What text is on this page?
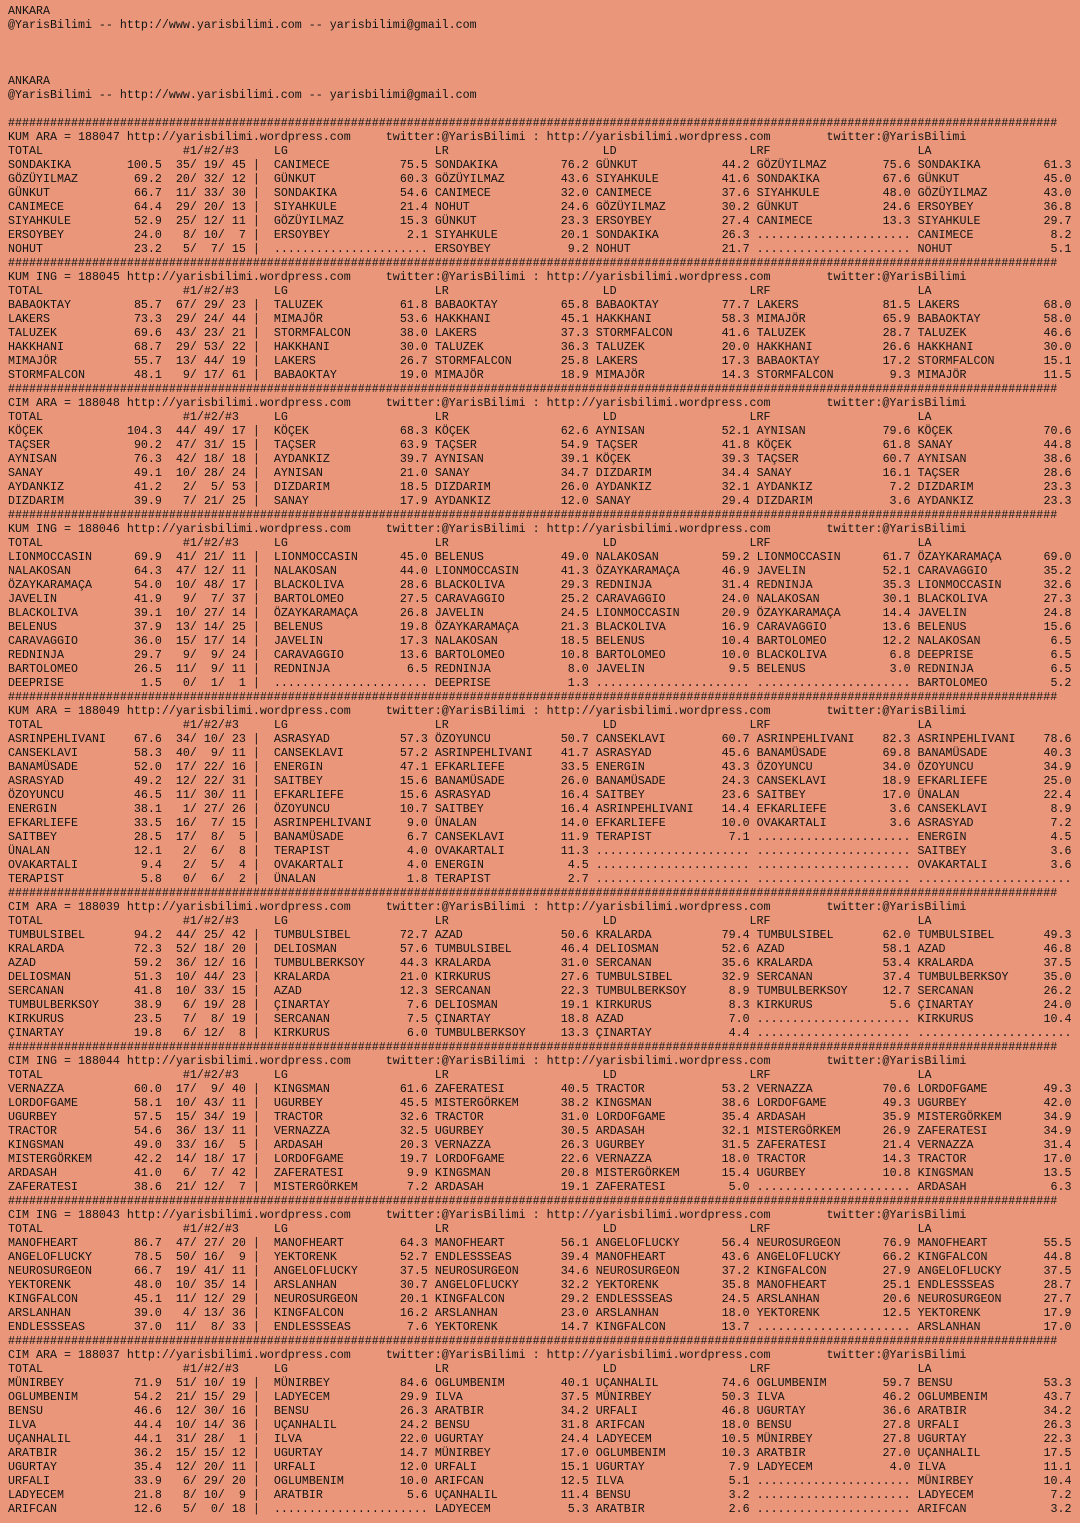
ANKARA
@YarisBilimi -- http://www.yarisbilimi.com -- yarisbilimi@gmail.com
ANKARA
@YarisBilimi -- http://www.yarisbilimi.com -- yarisbilimi@gmail.com
######################################################################################################################################################
KUM ARA = 188047 http://yarisbilimi.wordpress.com	twitter:@YarisBilimi : http://yarisbilimi.wordpress.com	twitter:@YarisBilimi
TOTAL	#1/#2/#3	LG	LR	LD	LRF	LA
SONDAKIKA	100.5 35/ 19/ 45 | CANIMECE	75.5 SONDAKIKA	76.2 GÜNKUT	44.2 GÖZÜYILMAZ	75.6 SONDAKIKA	61.3
GÖZÜYILMAZ	69.2 20/ 32/ 12 | GÜNKUT	60.3 GÖZÜYILMAZ	43.6 SIYAHKULE	41.6 SONDAKIKA	67.6 GÜNKUT	45.0
GÜNKUT	66.7 11/ 33/ 30 | SONDAKIKA	54.6 CANIMECE	32.0 CANIMECE	37.6 SIYAHKULE	48.0 GÖZÜYILMAZ	43.0
CANIMECE	64.4 29/ 20/ 13 | SIYAHKULE	21.4 NOHUT	24.6 GÖZÜYILMAZ	30.2 GÜNKUT	24.6 ERSOYBEY	36.8
SIYAHKULE	52.9 25/ 12/ 11 | GÖZÜYILMAZ	15.3 GÜNKUT	23.3 ERSOYBEY	27.4 CANIMECE	13.3 SIYAHKULE	29.7
ERSOYBEY	24.0 8/ 10/ 7 | ERSOYBEY	2.1 SIYAHKULE	20.1 SONDAKIKA	26.3 ...................... CANIMECE	8.2
NOHUT	23.2 5/ 7/ 15 | ...................... ERSOYBEY	9.2 NOHUT	21.7 ...................... NOHUT	5.1
######################################################################################################################################################
KUM ING = 188045 http://yarisbilimi.wordpress.com	twitter:@YarisBilimi : http://yarisbilimi.wordpress.com	twitter:@YarisBilimi
TOTAL	#1/#2/#3	LG	LR	LD	LRF	LA
BABAOKTAY	85.7 67/ 29/ 23 | TALUZEK	61.8 BABAOKTAY	65.8 BABAOKTAY	77.7 LAKERS	81.5 LAKERS	68.0
LAKERS	73.3 29/ 24/ 44 | MIMAJÖR	53.6 HAKKHANI	45.1 HAKKHANI	58.3 MIMAJÖR	65.9 BABAOKTAY	58.0
TALUZEK	69.6 43/ 23/ 21 | STORMFALCON	38.0 LAKERS	37.3 STORMFALCON	41.6 TALUZEK	28.7 TALUZEK	46.6
HAKKHANI	68.7 29/ 53/ 22 | HAKKHANI	30.0 TALUZEK	36.3 TALUZEK	20.0 HAKKHANI	26.6 HAKKHANI	30.0
MIMAJÖR	55.7 13/ 44/ 19 | LAKERS	26.7 STORMFALCON	25.8 LAKERS	17.3 BABAOKTAY	17.2 STORMFALCON	15.1
STORMFALCON	48.1 9/ 17/ 61 | BABAOKTAY	19.0 MIMAJÖR	18.9 MIMAJÖR	14.3 STORMFALCON	9.3 MIMAJÖR	11.5
######################################################################################################################################################
CIM ARA = 188048 http://yarisbilimi.wordpress.com	twitter:@YarisBilimi : http://yarisbilimi.wordpress.com	twitter:@YarisBilimi
TOTAL	#1/#2/#3	LG	LR	LD	LRF	LA
KÖÇEK	104.3 44/ 49/ 17 | KÖÇEK	68.3 KÖÇEK	62.6 AYNISAN	52.1 AYNISAN	79.6 KÖÇEK	70.6
TAÇSER	90.2 47/ 31/ 15 | TAÇSER	63.9 TAÇSER	54.9 TAÇSER	41.8 KÖÇEK	61.8 SANAY	44.8
AYNISAN	76.3 42/ 18/ 18 | AYDANKIZ	39.7 AYNISAN	39.1 KÖÇEK	39.3 TAÇSER	60.7 AYNISAN	38.6
SANAY	49.1 10/ 28/ 24 | AYNISAN	21.0 SANAY	34.7 DIZDARIM	34.4 SANAY	16.1 TAÇSER	28.6
AYDANKIZ	41.2 2/ 5/ 53 | DIZDARIM	18.5 DIZDARIM	26.0 AYDANKIZ	32.1 AYDANKIZ	7.2 DIZDARIM	23.3
DIZDARIM	39.9 7/ 21/ 25 | SANAY	17.9 AYDANKIZ	12.0 SANAY	29.4 DIZDARIM	3.6 AYDANKIZ	23.3
######################################################################################################################################################
KUM ING = 188046 http://yarisbilimi.wordpress.com	twitter:@YarisBilimi : http://yarisbilimi.wordpress.com	twitter:@YarisBilimi
TOTAL	#1/#2/#3	LG	LR	LD	LRF	LA
LIONMOCCASIN	69.9 41/ 21/ 11 | LIONMOCCASIN	45.0 BELENUS	49.0 NALAKOSAN	59.2 LIONMOCCASIN	61.7 ÖZAYKARAMAÇA	69.0
NALAKOSAN	64.3 47/ 12/ 11 | NALAKOSAN	44.0 LIONMOCCASIN	41.3 ÖZAYKARAMAÇA	46.9 JAVELIN	52.1 CARAVAGGIO	35.2
ÖZAYKARAMAÇA	54.0 10/ 48/ 17 | BLACKOLIVA	28.6 BLACKOLIVA	29.3 REDNINJA	31.4 REDNINJA	35.3 LIONMOCCASIN	32.6
JAVELIN	41.9 9/ 7/ 37 | BARTOLOMEO	27.5 CARAVAGGIO	25.2 CARAVAGGIO	24.0 NALAKOSAN	30.1 BLACKOLIVA	27.3
BLACKOLIVA	39.1 10/ 27/ 14 | ÖZAYKARAMAÇA	26.8 JAVELIN	24.5 LIONMOCCASIN	20.9 ÖZAYKARAMAÇA	14.4 JAVELIN	24.8
BELENUS	37.9 13/ 14/ 25 | BELENUS	19.8 ÖZAYKARAMAÇA	21.3 BLACKOLIVA	16.9 CARAVAGGIO	13.6 BELENUS	15.6
CARAVAGGIO	36.0 15/ 17/ 14 | JAVELIN	17.3 NALAKOSAN	18.5 BELENUS	10.4 BARTOLOMEO	12.2 NALAKOSAN	6.5
REDNINJA	29.7 9/ 9/ 24 | CARAVAGGIO	13.6 BARTOLOMEO	10.8 BARTOLOMEO	10.0 BLACKOLIVA	6.8 DEEPRISE	6.5
BARTOLOMEO	26.5 11/ 9/ 11 | REDNINJA	6.5 REDNINJA	8.0 JAVELIN	9.5 BELENUS	3.0 REDNINJA	6.5
DEEPRISE	1.5 0/ 1/ 1 | ...................... DEEPRISE	1.3 ...................... ...................... BARTOLOMEO	5.2
######################################################################################################################################################
KUM ARA = 188049 http://yarisbilimi.wordpress.com	twitter:@YarisBilimi : http://yarisbilimi.wordpress.com	twitter:@YarisBilimi
TOTAL	#1/#2/#3	LG	LR	LD	LRF	LA
ASRINPEHLIVANI 67.6 34/ 10/ 23 | ASRASYAD	57.3 ÖZOYUNCU	50.7 CANSEKLAVI	60.7 ASRINPEHLIVANI 82.3 ASRINPEHLIVANI 78.6
CANSEKLAVI	58.3 40/ 9/ 11 | CANSEKLAVI	57.2 ASRINPEHLIVANI 41.7 ASRASYAD	45.6 BANAMÜSADE	69.8 BANAMÜSADE	40.3
BANAMÜSADE	52.0 17/ 22/ 16 | ENERGIN	47.1 EFKARLIEFE	33.5 ENERGIN	43.3 ÖZOYUNCU	34.0 ÖZOYUNCU	34.9
ASRASYAD	49.2 12/ 22/ 31 | SAITBEY	15.6 BANAMÜSADE	26.0 BANAMÜSADE	24.3 CANSEKLAVI	18.9 EFKARLIEFE	25.0
ÖZOYUNCU	46.5 11/ 30/ 11 | EFKARLIEFE	15.6 ASRASYAD	16.4 SAITBEY	23.6 SAITBEY	17.0 ÜNALAN	22.4
ENERGIN	38.1 1/ 27/ 26 | ÖZOYUNCU	10.7 SAITBEY	16.4 ASRINPEHLIVANI 14.4 EFKARLIEFE	3.6 CANSEKLAVI	8.9
EFKARLIEFE	33.5 16/ 7/ 15 | ASRINPEHLIVANI	9.0 ÜNALAN	14.0 EFKARLIEFE	10.0 OVAKARTALI	3.6 ASRASYAD	7.2
SAITBEY	28.5 17/ 8/ 5 | BANAMÜSADE	6.7 CANSEKLAVI	11.9 TERAPIST	7.1 ...................... ENERGIN	4.5
ÜNALAN	12.1 2/ 6/ 8 | TERAPIST	4.0 OVAKARTALI	11.3 ...................... ...................... SAITBEY	3.6
OVAKARTALI	9.4 2/ 5/ 4 | OVAKARTALI	4.0 ENERGIN	4.5 ...................... ...................... OVAKARTALI	3.6
TERAPIST	5.8 0/ 6/ 2 | ÜNALAN	1.8 TERAPIST	2.7 ...................... ...................... ......................
######################################################################################################################################################
CIM ARA = 188039 http://yarisbilimi.wordpress.com	twitter:@YarisBilimi : http://yarisbilimi.wordpress.com	twitter:@YarisBilimi
TOTAL	#1/#2/#3	LG	LR	LD	LRF	LA
TUMBULSIBEL	94.2 44/ 25/ 42 | TUMBULSIBEL	72.7 AZAD	50.6 KRALARDA	79.4 TUMBULSIBEL	62.0 TUMBULSIBEL	49.3
KRALARDA	72.3 52/ 18/ 20 | DELIOSMAN	57.6 TUMBULSIBEL	46.4 DELIOSMAN	52.6 AZAD	58.1 AZAD	46.8
AZAD	59.2 36/ 12/ 16 | TUMBULBERKSOY	44.3 KRALARDA	31.0 SERCANAN	35.6 KRALARDA	53.4 KRALARDA	37.5
DELIOSMAN	51.3 10/ 44/ 23 | KRALARDA	21.0 KIRKURUS	27.6 TUMBULSIBEL	32.9 SERCANAN	37.4 TUMBULBERKSOY	35.0
SERCANAN	41.8 10/ 33/ 15 | AZAD	12.3 SERCANAN	22.3 TUMBULBERKSOY	8.9 TUMBULBERKSOY	12.7 SERCANAN	26.2
TUMBULBERKSOY	38.9 6/ 19/ 28 | ÇINARTAY	7.6 DELIOSMAN	19.1 KIRKURUS	8.3 KIRKURUS	5.6 ÇINARTAY	24.0
KIRKURUS	23.5 7/ 8/ 19 | SERCANAN	7.5 ÇINARTAY	18.8 AZAD	7.0 ...................... KIRKURUS	10.4
ÇINARTAY	19.8 6/ 12/ 8 | KIRKURUS	6.0 TUMBULBERKSOY	13.3 ÇINARTAY	4.4 ...................... ......................
######################################################################################################################################################
CIM ING = 188044 http://yarisbilimi.wordpress.com	twitter:@YarisBilimi : http://yarisbilimi.wordpress.com	twitter:@YarisBilimi
TOTAL	#1/#2/#3	LG	LR	LD	LRF	LA
VERNAZZA	60.0 17/ 9/ 40 | KINGSMAN	61.6 ZAFERATESI	40.5 TRACTOR	53.2 VERNAZZA	70.6 LORDOFGAME	49.3
LORDOFGAME	58.1 10/ 43/ 11 | UGURBEY	45.5 MISTERGÖRKEM	38.2 KINGSMAN	38.6 LORDOFGAME	49.3 UGURBEY	42.0
UGURBEY	57.5 15/ 34/ 19 | TRACTOR	32.6 TRACTOR	31.0 LORDOFGAME	35.4 ARDASAH	35.9 MISTERGÖRKEM	34.9
TRACTOR	54.6 36/ 13/ 11 | VERNAZZA	32.5 UGURBEY	30.5 ARDASAH	32.1 MISTERGÖRKEM	26.9 ZAFERATESI	34.9
KINGSMAN	49.0 33/ 16/ 5 | ARDASAH	20.3 VERNAZZA	26.3 UGURBEY	31.5 ZAFERATESI	21.4 VERNAZZA	31.4
MISTERGÖRKEM	42.2 14/ 18/ 17 | LORDOFGAME	19.7 LORDOFGAME	22.6 VERNAZZA	18.0 TRACTOR	14.3 TRACTOR	17.0
ARDASAH	41.0 6/ 7/ 42 | ZAFERATESI	9.9 KINGSMAN	20.8 MISTERGÖRKEM	15.4 UGURBEY	10.8 KINGSMAN	13.5
ZAFERATESI	38.6 21/ 12/ 7 | MISTERGÖRKEM	7.2 ARDASAH	19.1 ZAFERATESI	5.0 ...................... ARDASAH	6.3
######################################################################################################################################################
CIM ING = 188043 http://yarisbilimi.wordpress.com	twitter:@YarisBilimi : http://yarisbilimi.wordpress.com	twitter:@YarisBilimi
TOTAL	#1/#2/#3	LG	LR	LD	LRF	LA
MANOFHEART	86.7 47/ 27/ 20 | MANOFHEART	64.3 MANOFHEART	56.1 ANGELOFLUCKY	56.4 NEUROSURGEON	76.9 MANOFHEART	55.5
ANGELOFLUCKY	78.5 50/ 16/ 9 | YEKTORENK	52.7 ENDLESSSEAS	39.4 MANOFHEART	43.6 ANGELOFLUCKY	66.2 KINGFALCON	44.8
NEUROSURGEON	66.7 19/ 41/ 11 | ANGELOFLUCKY	37.5 NEUROSURGEON	34.6 NEUROSURGEON	37.2 KINGFALCON	27.9 ANGELOFLUCKY	37.5
YEKTORENK	48.0 10/ 35/ 14 | ARSLANHAN	30.7 ANGELOFLUCKY	32.2 YEKTORENK	35.8 MANOFHEART	25.1 ENDLESSSEAS	28.7
KINGFALCON	45.1 11/ 12/ 29 | NEUROSURGEON	20.1 KINGFALCON	29.2 ENDLESSSEAS	24.5 ARSLANHAN	20.6 NEUROSURGEON	27.7
ARSLANHAN	39.0 4/ 13/ 36 | KINGFALCON	16.2 ARSLANHAN	23.0 ARSLANHAN	18.0 YEKTORENK	12.5 YEKTORENK	17.9
ENDLESSSEAS	37.0 11/ 8/ 33 | ENDLESSSEAS	7.6 YEKTORENK	14.7 KINGFALCON	13.7 ...................... ARSLANHAN	17.0
######################################################################################################################################################
CIM ARA = 188037 http://yarisbilimi.wordpress.com	twitter:@YarisBilimi : http://yarisbilimi.wordpress.com	twitter:@YarisBilimi
TOTAL	#1/#2/#3	LG	LR	LD	LRF	LA
MÜNIRBEY	71.9 51/ 10/ 19 | MÜNIRBEY	84.6 OGLUMBENIM	40.1 UÇANHALIL	74.6 OGLUMBENIM	59.7 BENSU	53.3
OGLUMBENIM	54.2 21/ 15/ 29 | LADYECEM	29.9 ILVA	37.5 MÜNIRBEY	50.3 ILVA	46.2 OGLUMBENIM	43.7
BENSU	46.6 12/ 30/ 16 | BENSU	26.3 ARATBIR	34.2 URFALI	46.8 UGURTAY	36.6 ARATBIR	34.2
ILVA	44.4 10/ 14/ 36 | UÇANHALIL	24.2 BENSU	31.8 ARIFCAN	18.0 BENSU	27.8 URFALI	26.3
UÇANHALIL	44.1 31/ 28/ 1 | ILVA	22.0 UGURTAY	24.4 LADYECEM	10.5 MÜNIRBEY	27.8 UGURTAY	22.3
ARATBIR	36.2 15/ 15/ 12 | UGURTAY	14.7 MÜNIRBEY	17.0 OGLUMBENIM	10.3 ARATBIR	27.0 UÇANHALIL	17.5
UGURTAY	35.4 12/ 20/ 11 | URFALI	12.0 URFALI	15.1 UGURTAY	7.9 LADYECEM	4.0 ILVA	11.1
URFALI	33.9 6/ 29/ 20 | OGLUMBENIM	10.0 ARIFCAN	12.5 ILVA	5.1 ...................... MÜNIRBEY	10.4
LADYECEM	21.8 8/ 10/ 9 | ARATBIR	5.6 UÇANHALIL	11.4 BENSU	3.2 ...................... LADYECEM	7.2
ARIFCAN	12.6 5/ 0/ 18 | ...................... LADYECEM	5.3 ARATBIR	2.6 ...................... ARIFCAN	3.2
